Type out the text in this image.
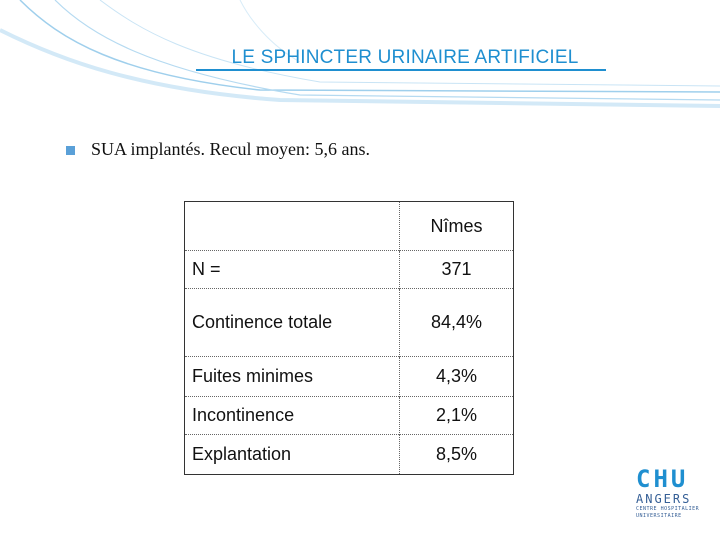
LE SPHINCTER URINAIRE ARTIFICIEL
SUA implantés. Recul moyen: 5,6 ans.
	Nîmes
N =	371
Continence totale	84,4%
Fuites minimes	4,3%
Incontinence	2,1%
Explantation	8,5%
CHU
ANGERS
CENTRE HOSPITALIER
UNIVERSITAIRE
